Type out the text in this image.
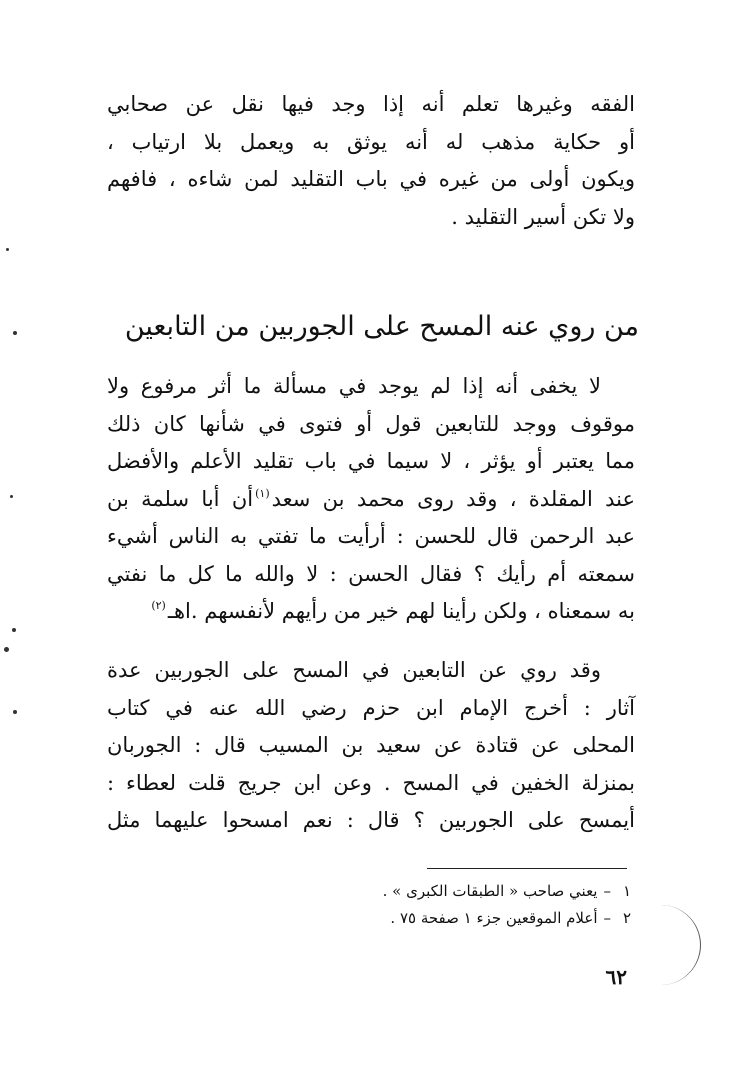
الفقه وغيرها تعلم أنه إذا وجد فيها نقل عن صحابي
أو حكاية مذهب له أنه يوثق به ويعمل بلا ارتياب ،
ويكون أولى من غيره في باب التقليد لمن شاءه ، فافهم
ولا تكن أسير التقليد .
من روي عنه المسح على الجوربين من التابعين
لا يخفى أنه إذا لم يوجد في مسألة ما أثر مرفوع ولا
موقوف ووجد للتابعين قول أو فتوى في شأنها كان ذلك
مما يعتبر أو يؤثر ، لا سيما في باب تقليد الأعلم والأفضل
عند المقلدة ، وقد روى محمد بن سعد$^{(١)}$أن أبا سلمة بن
عبد الرحمن قال للحسن : أرأيت ما تفتي به الناس أشيء
سمعته أم رأيك ؟ فقال الحسن : لا والله ما كل ما نفتي
به سمعناه ، ولكن رأينا لهم خير من رأيهم لأنفسهم .اهـ$^{(٢)}$
وقد روي عن التابعين في المسح على الجوربين عدة
آثار : أخرج الإمام ابن حزم رضي الله عنه في كتاب
المحلى عن قتادة عن سعيد بن المسيب قال : الجوربان
بمنزلة الخفين في المسح . وعن ابن جريج قلت لعطاء :
أيمسح على الجوربين ؟ قال : نعم امسحوا عليهما مثل
١–يعني صاحب « الطبقات الكبرى » .
٢–أعلام الموقعين جزء ١ صفحة ٧٥ .
٦٢
